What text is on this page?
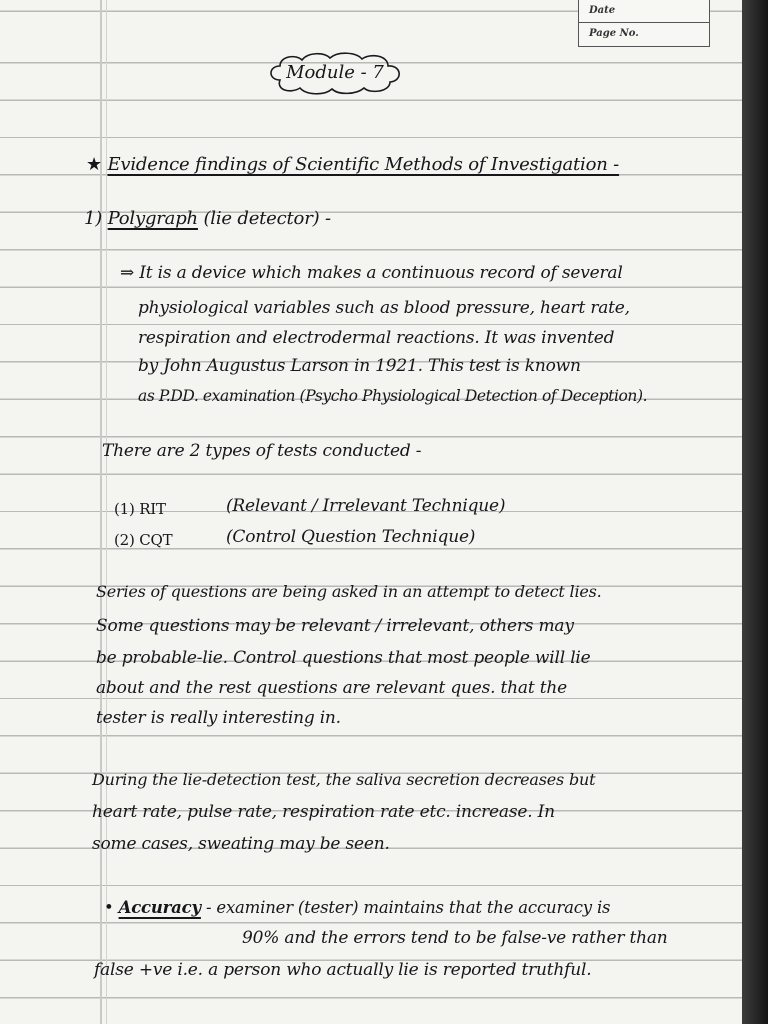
Date
Page No.
Module - 7
★ Evidence findings of Scientific Methods of Investigation -
1) Polygraph (lie detector) -
⇒ It is a device which makes a continuous record of several
physiological variables such as blood pressure, heart rate,
respiration and electrodermal reactions. It was invented
by John Augustus Larson in 1921. This test is known
as P.DD. examination (Psycho Physiological Detection of Deception).
There are 2 types of tests conducted -
(1) RIT	(Relevant / Irrelevant Technique)
(2) CQT	(Control Question Technique)
Series of questions are being asked in an attempt to detect lies.
Some questions may be relevant / irrelevant, others may
be probable-lie. Control questions that most people will lie
about and the rest questions are relevant ques. that the
tester is really interesting in.
During the lie-detection test, the saliva secretion decreases but
heart rate, pulse rate, respiration rate etc. increase. In
some cases, sweating may be seen.
• Accuracy - examiner (tester) maintains that the accuracy is
90% and the errors tend to be false-ve rather than
false +ve i.e. a person who actually lie is reported truthful.
